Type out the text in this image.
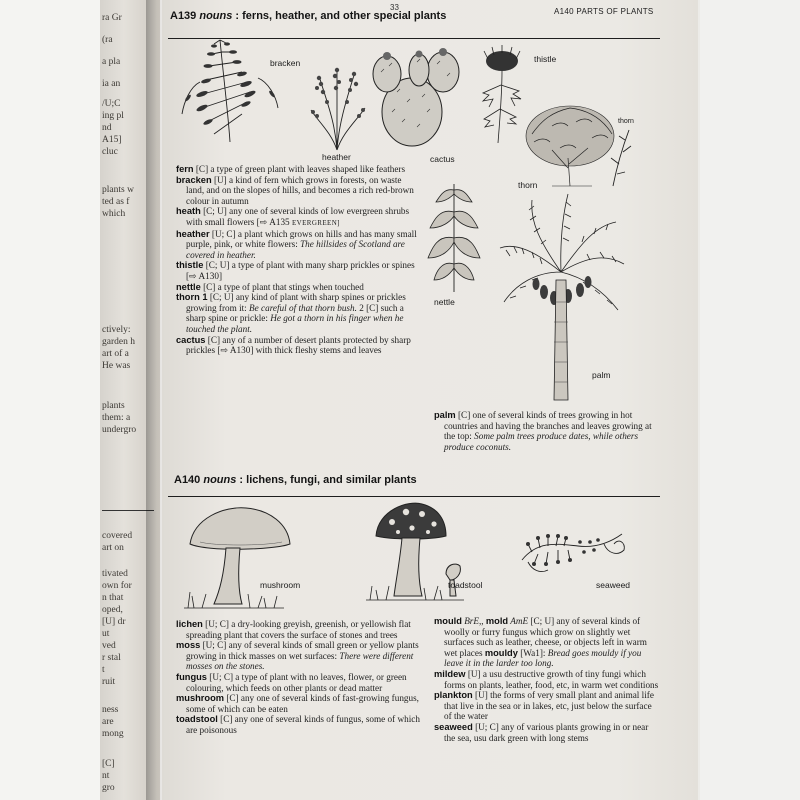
ra Gr
(ra
a pla
ia an
/U;C
ing pl
nd
A15]
cluc
plants w
ted as f
which
ctively:
garden h
art of a
He was
plants
them: a
undergro
covered
art on
tivated
own for
n that
oped,
[U] dr
ut
ved
r stal
t
ruit
ness
are
mong
[C]
nt
gro
33	A140 PARTS OF PLANTS
A139 nouns : ferns, heather, and other special plants
bracken
heather	cactus
thistle
thorn
thorn
nettle
palm
fern [C] a type of green plant with leaves shaped like feathers
bracken [U] a kind of fern which grows in forests, on waste land, and on the slopes of hills, and becomes a rich red-brown colour in autumn
heath [C; U] any one of several kinds of low evergreen shrubs with small flowers [⇨ A135 EVERGREEN]
heather [U; C] a plant which grows on hills and has many small purple, pink, or white flowers: The hillsides of Scotland are covered in heather.
thistle [C; U] a type of plant with many sharp prickles or spines [⇨ A130]
nettle [C] a type of plant that stings when touched
thorn 1 [C; U] any kind of plant with sharp spines or prickles growing from it: Be careful of that thorn bush. 2 [C] such a sharp spine or prickle: He got a thorn in his finger when he touched the plant.
cactus [C] any of a number of desert plants protected by sharp prickles [⇨ A130] with thick fleshy stems and leaves
palm [C] one of several kinds of trees growing in hot countries and having the branches and leaves growing at the top: Some palm trees produce dates, while others produce coconuts.
A140 nouns : lichens, fungi, and similar plants
mushroom	toadstool	seaweed
lichen [U; C] a dry-looking greyish, greenish, or yellowish flat spreading plant that covers the surface of stones and trees
moss [U; C] any of several kinds of small green or yellow plants growing in thick masses on wet surfaces: There were different mosses on the stones.
fungus [U; C] a type of plant with no leaves, flower, or green colouring, which feeds on other plants or dead matter
mushroom [C] any one of several kinds of fast-growing fungus, some of which can be eaten
toadstool [C] any one of several kinds of fungus, some of which are poisonous
mould BrE,, mold AmE [C; U] any of several kinds of woolly or furry fungus which grow on slightly wet surfaces such as leather, cheese, or objects left in warm wet places mouldy [Wa1]: Bread goes mouldy if you leave it in the larder too long.
mildew [U] a usu destructive growth of tiny fungi which forms on plants, leather, food, etc, in warm wet conditions
plankton [U] the forms of very small plant and animal life that live in the sea or in lakes, etc, just below the surface of the water
seaweed [U; C] any of various plants growing in or near the sea, usu dark green with long stems
